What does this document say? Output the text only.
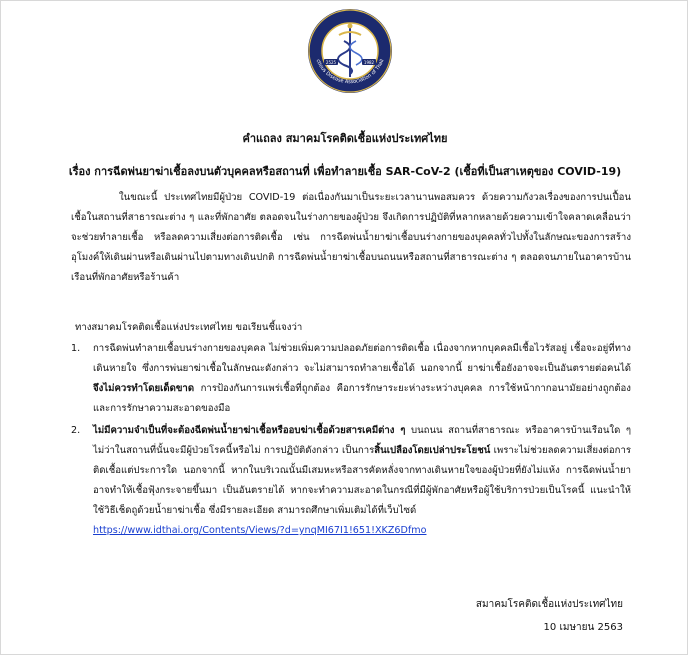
2525	1982
ctious Disease Association of Thail
คำแถลง สมาคมโรคติดเชื้อแห่งประเทศไทย
เรื่อง การฉีดพ่นยาฆ่าเชื้อลงบนตัวบุคคลหรือสถานที่ เพื่อทำลายเชื้อ SAR-CoV-2 (เชื้อที่เป็นสาเหตุของ COVID-19)
ในขณะนี้ ประเทศไทยมีผู้ป่วย COVID-19 ต่อเนื่องกันมาเป็นระยะเวลานานพอสมควร ด้วยความกังวลเรื่องของการปนเปื้อนเชื้อในสถานที่สาธารณะต่าง ๆ และที่พักอาศัย ตลอดจนในร่างกายของผู้ป่วย จึงเกิดการปฏิบัติที่หลากหลายด้วยความเข้าใจคลาดเคลื่อนว่าจะช่วยทำลายเชื้อ หรือลดความเสี่ยงต่อการติดเชื้อ เช่น การฉีดพ่นน้ำยาฆ่าเชื้อบนร่างกายของบุคคลทั่วไปทั้งในลักษณะของการสร้างอุโมงค์ให้เดินผ่านหรือเดินผ่านไปตามทางเดินปกติ การฉีดพ่นน้ำยาฆ่าเชื้อบนถนนหรือสถานที่สาธารณะต่าง ๆ ตลอดจนภายในอาคารบ้านเรือนที่พักอาศัยหรือร้านค้า
ทางสมาคมโรคติดเชื้อแห่งประเทศไทย ขอเรียนชี้แจงว่า
1.	การฉีดพ่นทำลายเชื้อบนร่างกายของบุคคล ไม่ช่วยเพิ่มความปลอดภัยต่อการติดเชื้อ เนื่องจากหากบุคคลมีเชื้อไวรัสอยู่ เชื้อจะอยู่ที่ทางเดินหายใจ ซึ่งการพ่นยาฆ่าเชื้อในลักษณะดังกล่าว จะไม่สามารถทำลายเชื้อได้ นอกจากนี้ ยาฆ่าเชื้อยังอาจจะเป็นอันตรายต่อคนได้ จึงไม่ควรทำโดยเด็ดขาด การป้องกันการแพร่เชื้อที่ถูกต้อง คือการรักษาระยะห่างระหว่างบุคคล การใช้หน้ากากอนามัยอย่างถูกต้อง และการรักษาความสะอาดของมือ
2.	ไม่มีความจำเป็นที่จะต้องฉีดพ่นน้ำยาฆ่าเชื้อหรืออบฆ่าเชื้อด้วยสารเคมีต่าง ๆ บนถนน สถานที่สาธารณะ หรืออาคารบ้านเรือนใด ๆ ไม่ว่าในสถานที่นั้นจะมีผู้ป่วยโรคนี้หรือไม่ การปฏิบัติดังกล่าว เป็นการสิ้นเปลืองโดยเปล่าประโยชน์ เพราะไม่ช่วยลดความเสี่ยงต่อการติดเชื้อแต่ประการใด นอกจากนี้ หากในบริเวณนั้นมีเสมหะหรือสารคัดหลั่งจากทางเดินหายใจของผู้ป่วยที่ยังไม่แห้ง การฉีดพ่นน้ำยา อาจทำให้เชื้อฟุ้งกระจายขึ้นมา เป็นอันตรายได้ หากจะทำความสะอาดในกรณีที่มีผู้พักอาศัยหรือผู้ใช้บริการป่วยเป็นโรคนี้ แนะนำให้ใช้วิธีเช็ดถูด้วยน้ำยาฆ่าเชื้อ ซึ่งมีรายละเอียด สามารถศึกษาเพิ่มเติมได้ที่เว็บไซด์
https://www.idthai.org/Contents/Views/?d=ynqMI67I1!651!XKZ6Dfmo
สมาคมโรคติดเชื้อแห่งประเทศไทย
10 เมษายน 2563
